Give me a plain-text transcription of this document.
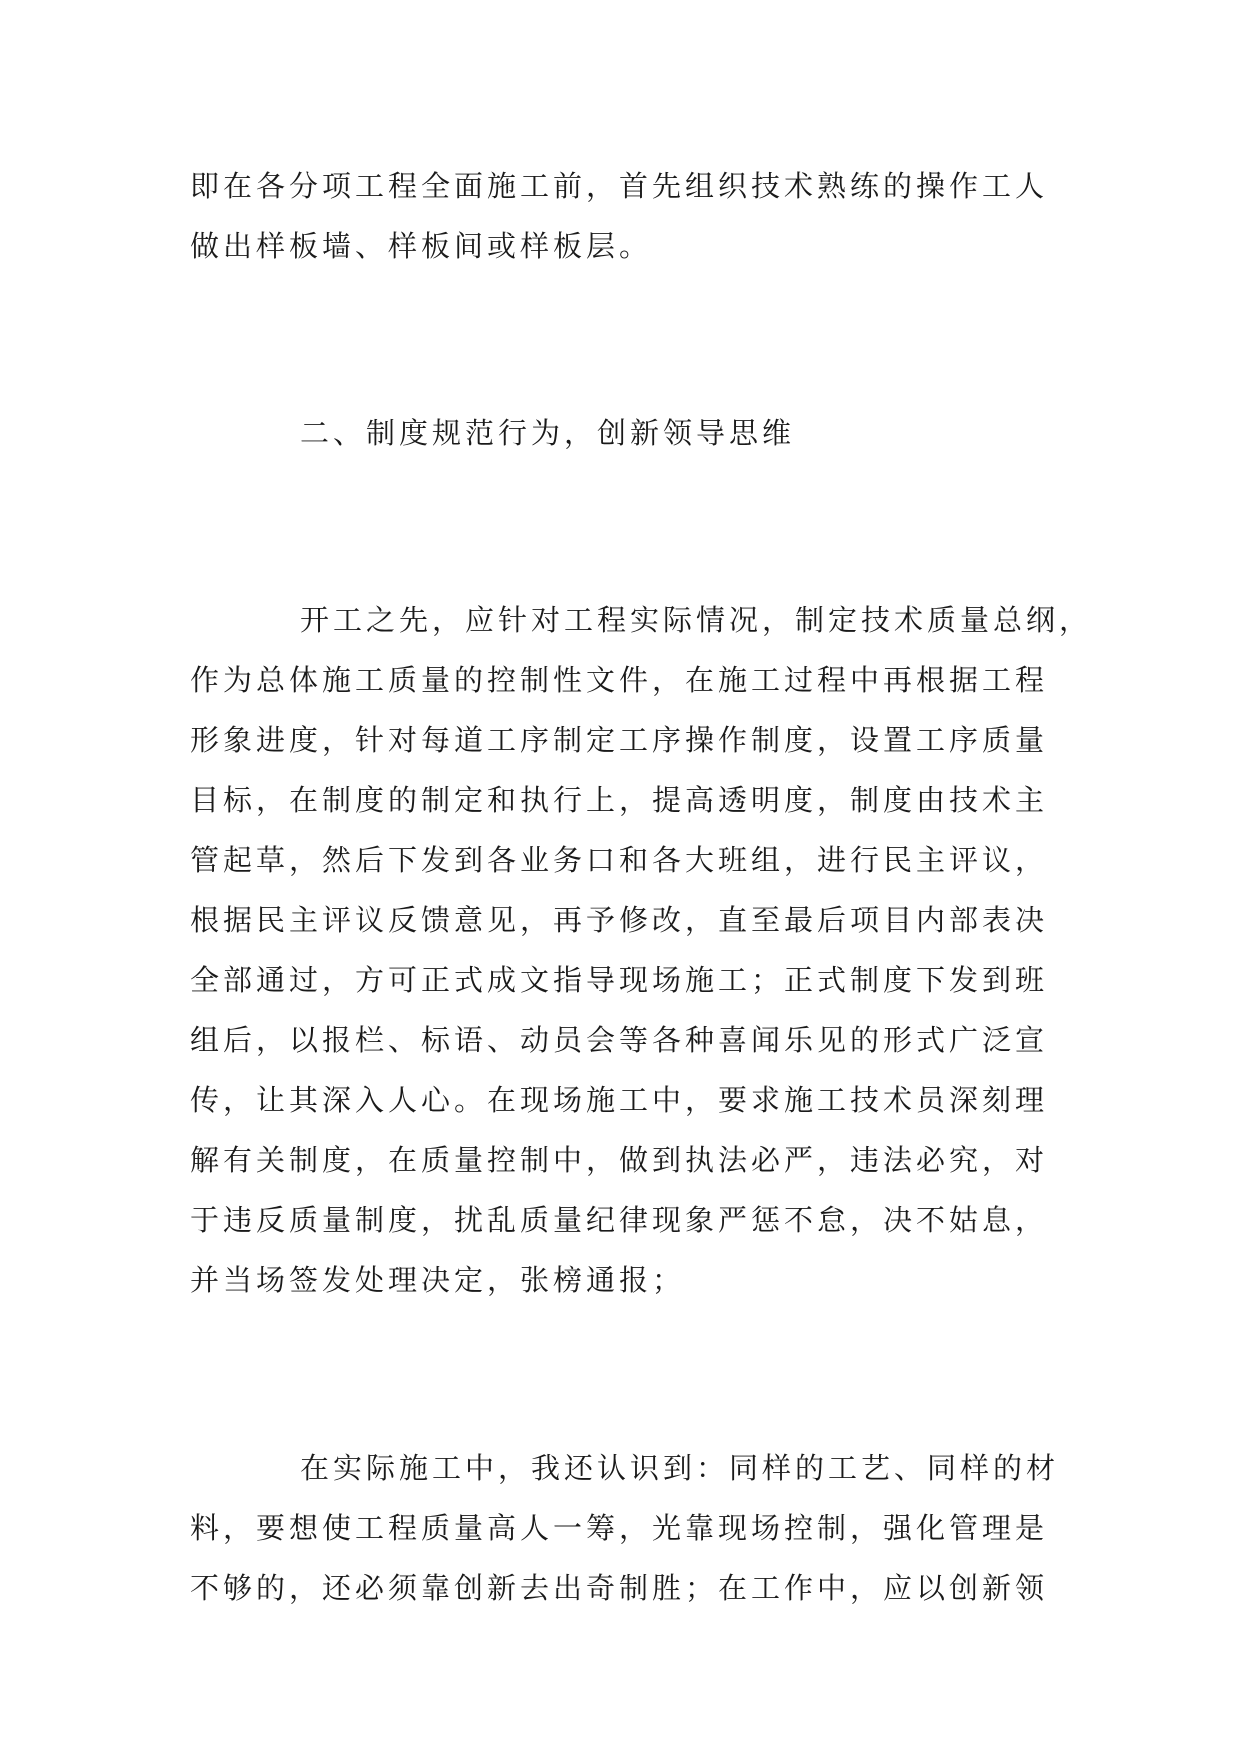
即在各分项工程全面施工前，首先组织技术熟练的操作工人
做出样板墙、样板间或样板层。
二、制度规范行为，创新领导思维
开工之先，应针对工程实际情况，制定技术质量总纲，
作为总体施工质量的控制性文件，在施工过程中再根据工程
形象进度，针对每道工序制定工序操作制度，设置工序质量
目标，在制度的制定和执行上，提高透明度，制度由技术主
管起草，然后下发到各业务口和各大班组，进行民主评议，
根据民主评议反馈意见，再予修改，直至最后项目内部表决
全部通过，方可正式成文指导现场施工；正式制度下发到班
组后，以报栏、标语、动员会等各种喜闻乐见的形式广泛宣
传，让其深入人心。在现场施工中，要求施工技术员深刻理
解有关制度，在质量控制中，做到执法必严，违法必究，对
于违反质量制度，扰乱质量纪律现象严惩不怠，决不姑息，
并当场签发处理决定，张榜通报；
在实际施工中，我还认识到：同样的工艺、同样的材
料，要想使工程质量高人一筹，光靠现场控制，强化管理是
不够的，还必须靠创新去出奇制胜；在工作中，应以创新领
